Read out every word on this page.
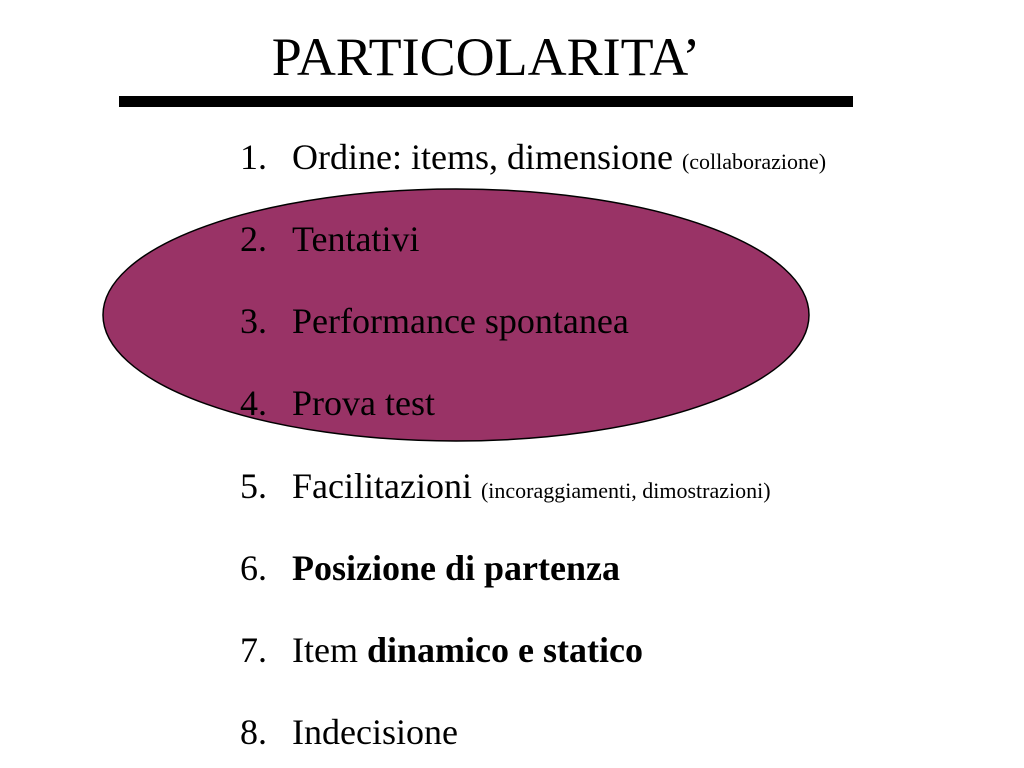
PARTICOLARITA’
1. Ordine: items, dimensione (collaborazione)
2. Tentativi
3. Performance spontanea
4. Prova test
5. Facilitazioni (incoraggiamenti, dimostrazioni)
6. Posizione di partenza
7. Item dinamico e statico
8. Indecisione
